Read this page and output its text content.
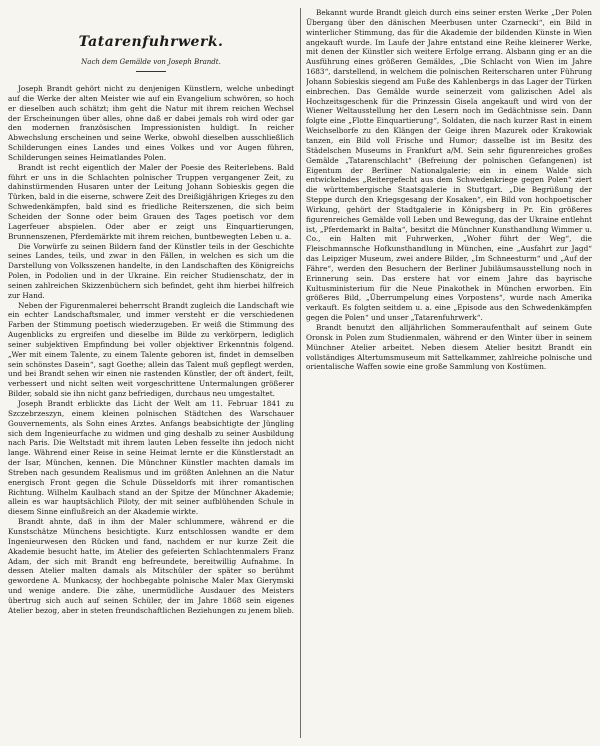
Tatarenfuhrwerk.
Nach dem Gemälde von Joseph Brandt.

Joseph Brandt gehört nicht zu denjenigen Künstlern, welche unbedingt auf die Werke der alten Meister wie auf ein Evangelium schwören, so hoch er dieselben auch schätzt; ihm geht die Natur mit ihrem reichen Wechsel der Erscheinungen über alles, ohne daß er dabei jemals roh wird oder gar den modernen französischen Impressionisten huldigt. In reicher Abwechslung erscheinen und seine Werke, obwohl dieselben ausschließlich Schilderungen eines Landes und eines Volkes und vor Augen führen, Schilderungen seines Heimatlandes Polen.

Brandt ist recht eigentlich der Maler der Poesie des Reiterlebens. Bald führt er uns in die Schlachten polnischer Truppen vergangener Zeit, zu dahinstürmenden Husaren unter der Leitung Johann Sobieskis gegen die Türken, bald in die eiserne, schwere Zeit des Dreißigjährigen Krieges zu den Schwedenkämpfen, bald sind es friedliche Reiterszenen, die sich beim Scheiden der Sonne oder beim Grauen des Tages poetisch vor dem Lagerfeuer abspielen. Oder aber er zeigt uns Einquartierungen, Brunnenszenen, Pferdemärkte mit ihrem reichen, buntbewegten Leben u. a.

Die Vorwürfe zu seinen Bildern fand der Künstler teils in der Geschichte seines Landes, teils, und zwar in den Fällen, in welchen es sich um die Darstellung von Volksszenen handelte, in den Landschaften des Königreichs Polen, in Podolien und in der Ukraine. Ein reicher Studienschatz, der in seinen zahlreichen Skizzenbüchern sich befindet, geht ihm hierbei hilfreich zur Hand.

Neben der Figurenmalerei beherrscht Brandt zugleich die Landschaft wie ein echter Landschaftsmaler, und immer versteht er die verschiedenen Farben der Stimmung poetisch wiederzugeben. Er weiß die Stimmung des Augenblicks zu ergreifen und dieselbe im Bilde zu verkörpern, lediglich seiner subjektiven Empfindung bei voller objektiver Erkenntnis folgend. „Wer mit einem Talente, zu einem Talente geboren ist, findet in demselben sein schönstes Dasein“, sagt Goethe; allein das Talent muß gepflegt werden, und bei Brandt sehen wir einen nie rastenden Künstler, der oft ändert, feilt, verbessert und nicht selten weit vorgeschrittene Untermalungen größerer Bilder, sobald sie ihn nicht ganz befriedigen, durchaus neu umgestaltet.

Joseph Brandt erblickte das Licht der Welt am 11. Februar 1841 zu Szczebrzeszyn, einem kleinen polnischen Städtchen des Warschauer Gouvernements, als Sohn eines Arztes. Anfangs beabsichtigte der Jüngling sich dem Ingenieurfache zu widmen und ging deshalb zu seiner Ausbildung nach Paris. Die Weltstadt mit ihrem lauten Leben fesselte ihn jedoch nicht lange. Während einer Reise in seine Heimat lernte er die Künstlerstadt an der Isar, München, kennen. Die Münchner Künstler machten damals im Streben nach gesundem Realismus und im größten Anlehnen an die Natur energisch Front gegen die Schule Düsseldorfs mit ihrer romantischen Richtung. Wilhelm Kaulbach stand an der Spitze der Münchner Akademie; allein es war hauptsächlich Piloty, der mit seiner aufblühenden Schule in diesem Sinne einflußreich an der Akademie wirkte.

Brandt ahnte, daß in ihm der Maler schlummere, während er die Kunstschätze Münchens besichtigte. Kurz entschlossen wandte er dem Ingenieurwesen den Rücken und fand, nachdem er nur kurze Zeit die Akademie besucht hatte, im Atelier des gefeierten Schlachtenmalers Franz Adam, der sich mit Brandt eng befreundete, bereitwillig Aufnahme. In dessen Atelier malten damals als Mitschüler der später so berühmt gewordene A. Munkacsy, der hochbegabte polnische Maler Max Gierymski und wenige andere. Die zähe, unermüdliche Ausdauer des Meisters übertrug sich auch auf seinen Schüler, der im Jahre 1868 sein eigenes Atelier bezog, aber in steten freundschaftlichen Beziehungen zu jenem blieb.

Bekannt wurde Brandt gleich durch eins seiner ersten Werke „Der Polen Übergang über den dänischen Meerbusen unter Czarnecki“, ein Bild in winterlicher Stimmung, das für die Akademie der bildenden Künste in Wien angekauft wurde. Im Laufe der Jahre entstand eine Reihe kleinerer Werke, mit denen der Künstler sich weitere Erfolge errang. Alsbann ging er an die Ausführung eines größeren Gemäldes, „Die Schlacht von Wien im Jahre 1683“, darstellend, in welchem die polnischen Reiterscharen unter Führung Johann Sobieskis siegend am Fuße des Kahlenbergs in das Lager der Türken einbrechen. Das Gemälde wurde seinerzeit vom galizischen Adel als Hochzeitsgeschenk für die Prinzessin Gisela angekauft und wird von der Wiener Weltausstellung her den Lesern noch im Gedächtnisse sein. Dann folgte eine „Flotte Einquartierung“, Soldaten, die nach kurzer Rast in einem Weichselborfe zu den Klängen der Geige ihren Mazurek oder Krakowiak tanzen, ein Bild voll Frische und Humor; dasselbe ist im Besitz des Städelschen Museums in Frankfurt a/M. Sein sehr figurenreiches großes Gemälde „Tatarenschlacht“ (Befreiung der polnischen Gefangenen) ist Eigentum der Berliner Nationalgalerie; ein in einem Walde sich entwickelndes „Reitergefecht aus dem Schwedenkriege gegen Polen“ ziert die württembergische Staatsgalerie in Stuttgart. „Die Begrüßung der Steppe durch den Kriegsgesang der Kosaken“, ein Bild von hochpoetischer Wirkung, gehört der Stadtgalerie in Königsberg in Pr. Ein größeres figurenreiches Gemälde voll Leben und Bewegung, das der Ukraine entlehnt ist, „Pferdemarkt in Balta“, besitzt die Münchner Kunsthandlung Wimmer u. Co., ein Halten mit Fuhrwerken, „Woher führt der Weg“, die Fleischmannsche Hofkunsthandlung in München, eine „Ausfahrt zur Jagd“ das Leipziger Museum, zwei andere Bilder, „Im Schneesturm“ und „Auf der Fähre“, werden den Besuchern der Berliner Jubiläumsausstellung noch in Erinnerung sein. Das erstere hat vor einem Jahre das bayrische Kultusministerium für die Neue Pinakothek in München erworben. Ein größeres Bild, „Überrumpelung eines Vorpostens“, wurde nach Amerika verkauft. Es folgten seitdem u. a. eine „Episode aus den Schwedenkämpfen gegen die Polen“ und unser „Tatarenfuhrwerk“.

Brandt benutzt den alljährlichen Sommeraufenthalt auf seinem Gute Oronsk in Polen zum Studienmalen, während er den Winter über in seinem Münchner Atelier arbeitet. Neben diesem Atelier besitzt Brandt ein vollständiges Altertumsmuseum mit Sattelkammer, zahlreiche polnische und orientalische Waffen sowie eine große Sammlung von Kostümen.
